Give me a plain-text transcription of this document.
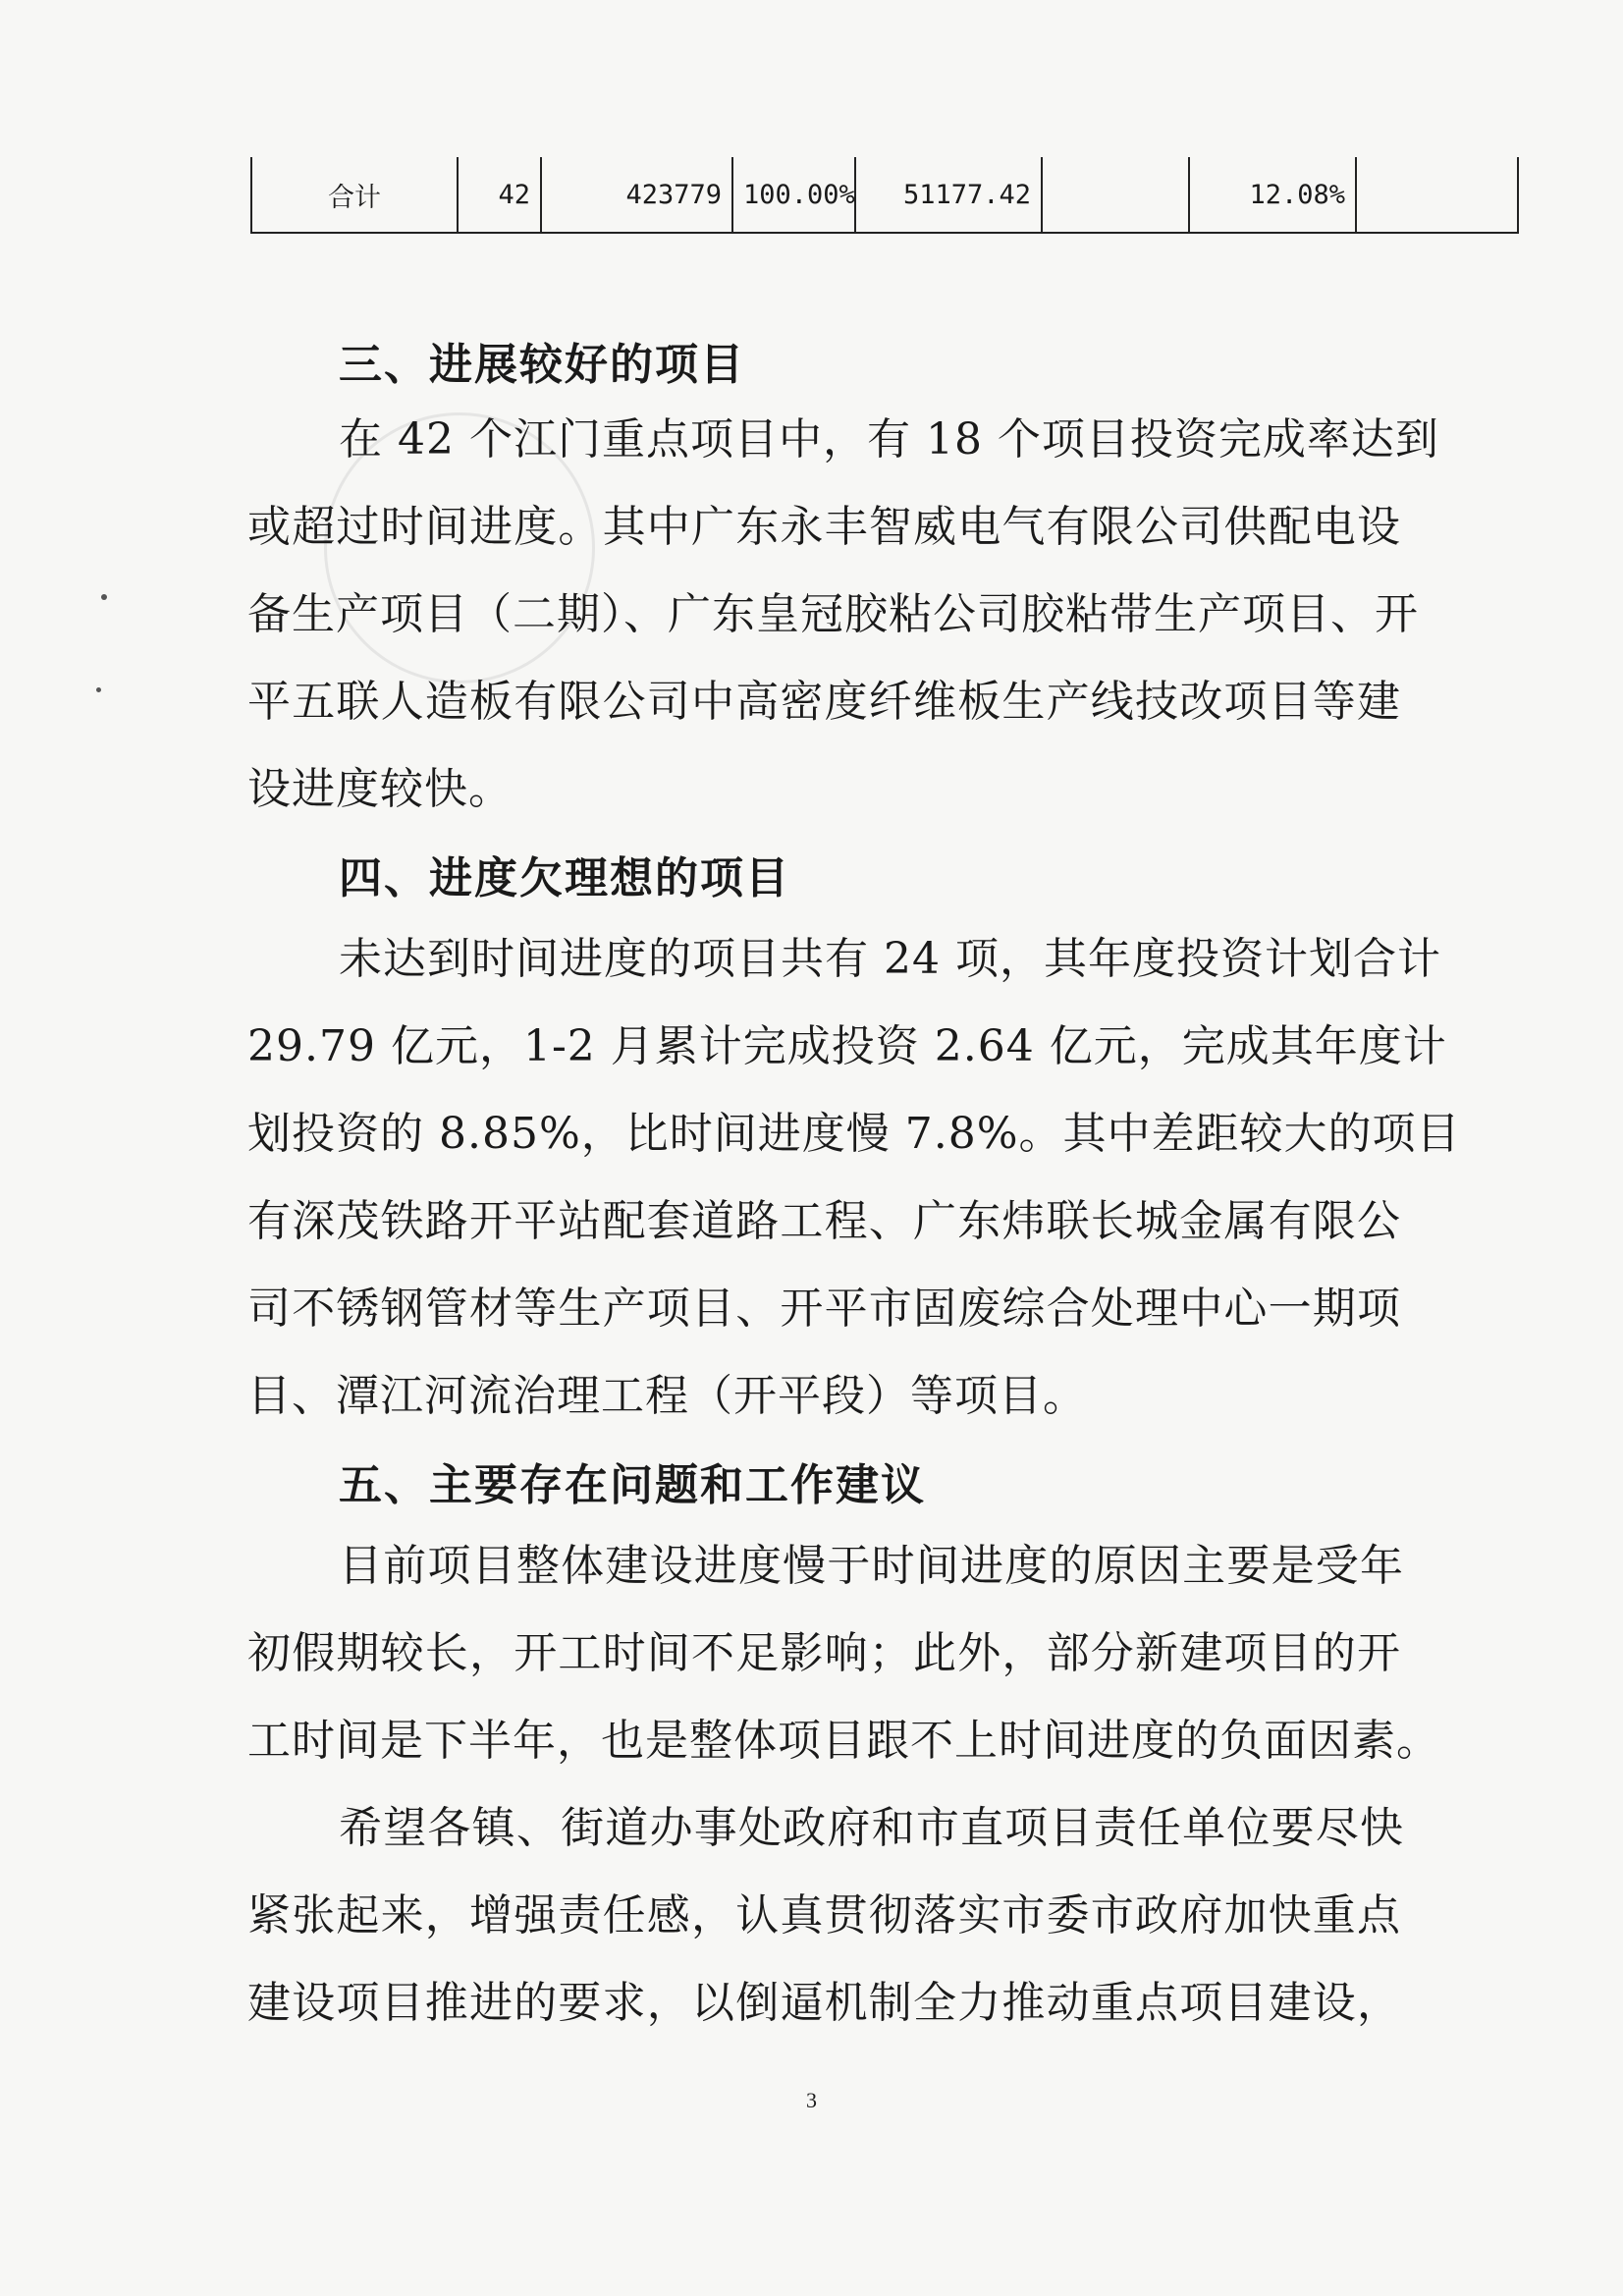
合计	42	423779	100.00%	51177.42		12.08%	
三、进展较好的项目

在 42 个江门重点项目中，有 18 个项目投资完成率达到

或超过时间进度。其中广东永丰智威电气有限公司供配电设

备生产项目（二期）、广东皇冠胶粘公司胶粘带生产项目、开

平五联人造板有限公司中高密度纤维板生产线技改项目等建

设进度较快。

四、进度欠理想的项目

未达到时间进度的项目共有 24 项，其年度投资计划合计

29.79 亿元，1-2 月累计完成投资 2.64 亿元，完成其年度计

划投资的 8.85%，比时间进度慢 7.8%。其中差距较大的项目

有深茂铁路开平站配套道路工程、广东炜联长城金属有限公

司不锈钢管材等生产项目、开平市固废综合处理中心一期项

目、潭江河流治理工程（开平段）等项目。

五、主要存在问题和工作建议

目前项目整体建设进度慢于时间进度的原因主要是受年

初假期较长，开工时间不足影响；此外，部分新建项目的开

工时间是下半年，也是整体项目跟不上时间进度的负面因素。

希望各镇、街道办事处政府和市直项目责任单位要尽快

紧张起来，增强责任感，认真贯彻落实市委市政府加快重点

建设项目推进的要求，以倒逼机制全力推动重点项目建设，

3
